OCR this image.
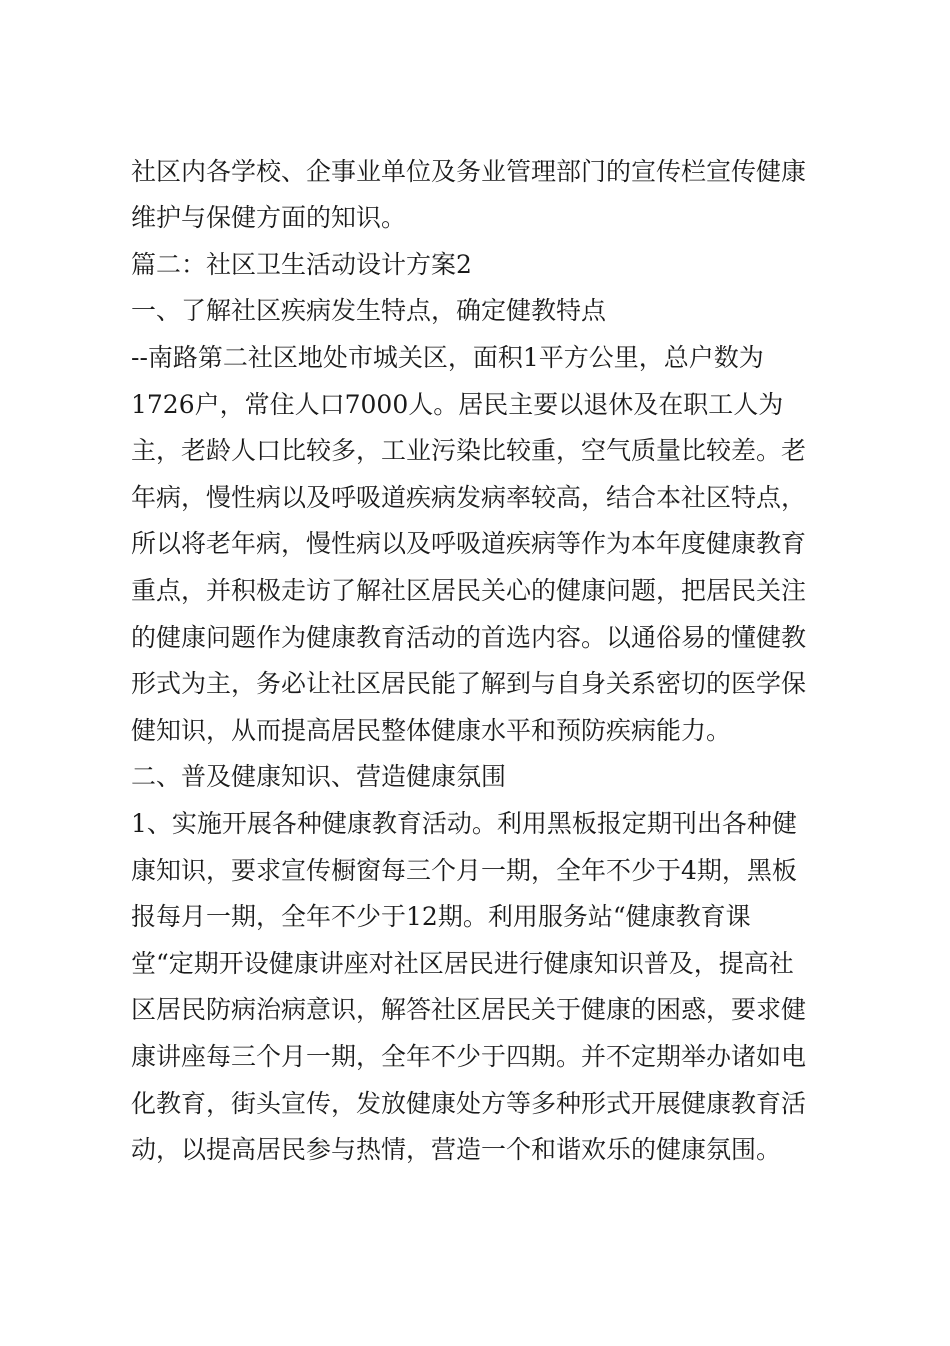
社区内各学校、企事业单位及务业管理部门的宣传栏宣传健康
维护与保健方面的知识。
篇二：社区卫生活动设计方案2
一、了解社区疾病发生特点，确定健教特点
--南路第二社区地处市城关区，面积1平方公里，总户数为
1726户，常住人口7000人。居民主要以退休及在职工人为
主，老龄人口比较多，工业污染比较重，空气质量比较差。老
年病，慢性病以及呼吸道疾病发病率较高，结合本社区特点，
所以将老年病，慢性病以及呼吸道疾病等作为本年度健康教育
重点，并积极走访了解社区居民关心的健康问题，把居民关注
的健康问题作为健康教育活动的首选内容。以通俗易的懂健教
形式为主，务必让社区居民能了解到与自身关系密切的医学保
健知识，从而提高居民整体健康水平和预防疾病能力。
二、普及健康知识、营造健康氛围
1、实施开展各种健康教育活动。利用黑板报定期刊出各种健
康知识，要求宣传橱窗每三个月一期，全年不少于4期，黑板
报每月一期，全年不少于12期。利用服务站“健康教育课
堂“定期开设健康讲座对社区居民进行健康知识普及，提高社
区居民防病治病意识，解答社区居民关于健康的困惑，要求健
康讲座每三个月一期，全年不少于四期。并不定期举办诸如电
化教育，街头宣传，发放健康处方等多种形式开展健康教育活
动，以提高居民参与热情，营造一个和谐欢乐的健康氛围。
